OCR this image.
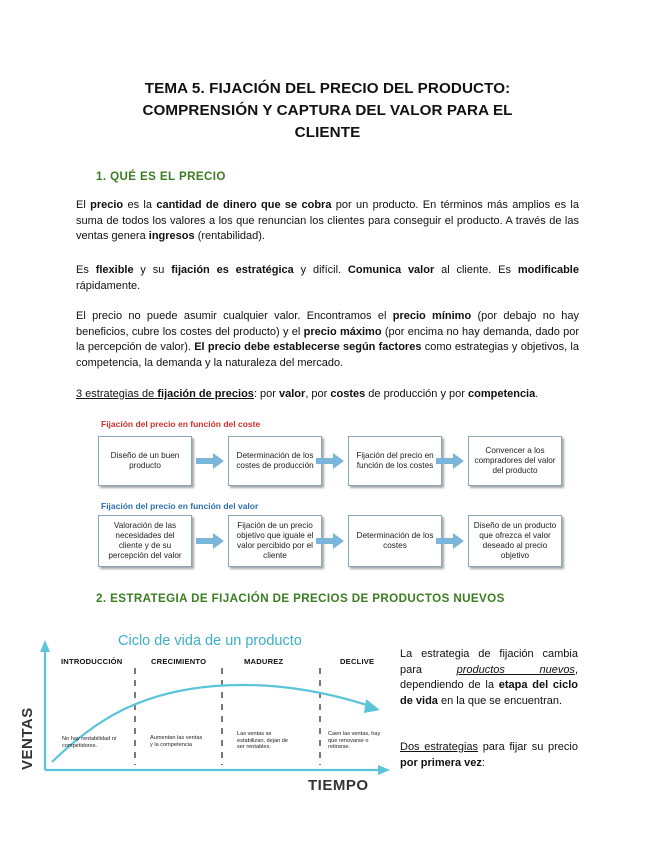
TEMA 5. FIJACIÓN DEL PRECIO DEL PRODUCTO:
COMPRENSIÓN Y CAPTURA DEL VALOR PARA EL
CLIENTE
1. QUÉ ES EL PRECIO
El precio es la cantidad de dinero que se cobra por un producto. En términos más amplios es la suma de todos los valores a los que renuncian los clientes para conseguir el producto. A través de las ventas genera ingresos (rentabilidad).
Es flexible y su fijación es estratégica y difícil. Comunica valor al cliente. Es modificable rápidamente.
El precio no puede asumir cualquier valor. Encontramos el precio mínimo (por debajo no hay beneficios, cubre los costes del producto) y el precio máximo (por encima no hay demanda, dado por la percepción de valor). El precio debe establecerse según factores como estrategias y objetivos, la competencia, la demanda y la naturaleza del mercado.
3 estrategias de fijación de precios: por valor, por costes de producción y por competencia.
Fijación del precio en función del coste
Diseño de un buen producto
Determinación de los costes de producción
Fijación del precio en función de los costes
Convencer a los compradores del valor del producto
Fijación del precio en función del valor
Valoración de las necesidades del cliente y de su percepción del valor
Fijación de un precio objetivo que iguale el valor percibido por el cliente
Determinación de los costes
Diseño de un producto que ofrezca el valor deseado al precio objetivo
2. ESTRATEGIA DE FIJACIÓN DE PRECIOS DE PRODUCTOS NUEVOS
Ciclo de vida de un producto
INTRODUCCIÓN	CRECIMIENTO	MADUREZ	DECLIVE
VENTAS
TIEMPO
No hay rentabilidad ni competidores.
Aumentan las ventas y la competencia
Las ventas se estabilizan, dejan de ser rentables.
Caen las ventas, hay que renovarse o retirarse.
La estrategia de fijación cambia para productos nuevos, dependiendo de la etapa del ciclo de vida en la que se encuentran.
Dos estrategias para fijar su precio por primera vez:
